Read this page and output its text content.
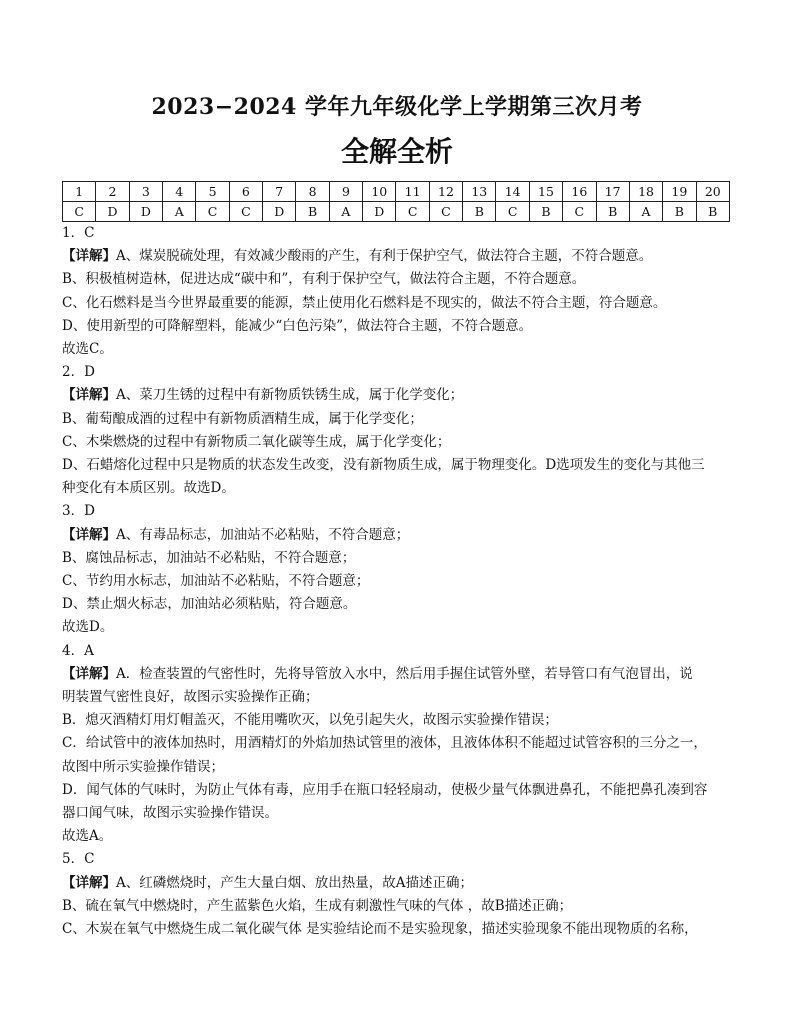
2023−2024 学年九年级化学上学期第三次月考
全解全析
1	2	3	4	5	6	7	8	9	10	11	12	13	14	15	16	17	18	19	20
C	D	D	A	C	C	D	B	A	D	C	C	B	C	B	C	B	A	B	B
1．C
【详解】A、煤炭脱硫处理，有效减少酸雨的产生，有利于保护空气，做法符合主题，不符合题意。
B、积极植树造林，促进达成“碳中和”，有利于保护空气，做法符合主题，不符合题意。
C、化石燃料是当今世界最重要的能源，禁止使用化石燃料是不现实的，做法不符合主题，符合题意。
D、使用新型的可降解塑料，能减少“白色污染”，做法符合主题，不符合题意。
故选C。
2．D
【详解】A、菜刀生锈的过程中有新物质铁锈生成，属于化学变化；
B、葡萄酿成酒的过程中有新物质酒精生成，属于化学变化；
C、木柴燃烧的过程中有新物质二氧化碳等生成，属于化学变化；
D、石蜡熔化过程中只是物质的状态发生改变，没有新物质生成，属于物理变化。D选项发生的变化与其他三
种变化有本质区别。故选D。
3．D
【详解】A、有毒品标志，加油站不必粘贴，不符合题意；
B、腐蚀品标志，加油站不必粘贴，不符合题意；
C、节约用水标志，加油站不必粘贴，不符合题意；
D、禁止烟火标志，加油站必须粘贴，符合题意。
故选D。
4．A
【详解】A．检查装置的气密性时，先将导管放入水中，然后用手握住试管外壁，若导管口有气泡冒出，说
明装置气密性良好，故图示实验操作正确；
B．熄灭酒精灯用灯帽盖灭，不能用嘴吹灭，以免引起失火，故图示实验操作错误；
C．给试管中的液体加热时，用酒精灯的外焰加热试管里的液体，且液体体积不能超过试管容积的三分之一，
故图中所示实验操作错误；
D．闻气体的气味时，为防止气体有毒，应用手在瓶口轻轻扇动，使极少量气体飘进鼻孔，不能把鼻孔凑到容
器口闻气味，故图示实验操作错误。
故选A。
5．C
【详解】A、红磷燃烧时，产生大量白烟、放出热量，故A描述正确；
B、硫在氧气中燃烧时，产生蓝紫色火焰，生成有刺激性气味的气体 ，故B描述正确；
C、木炭在氧气中燃烧生成二氧化碳气体 是实验结论而不是实验现象，描述实验现象不能出现物质的名称，
